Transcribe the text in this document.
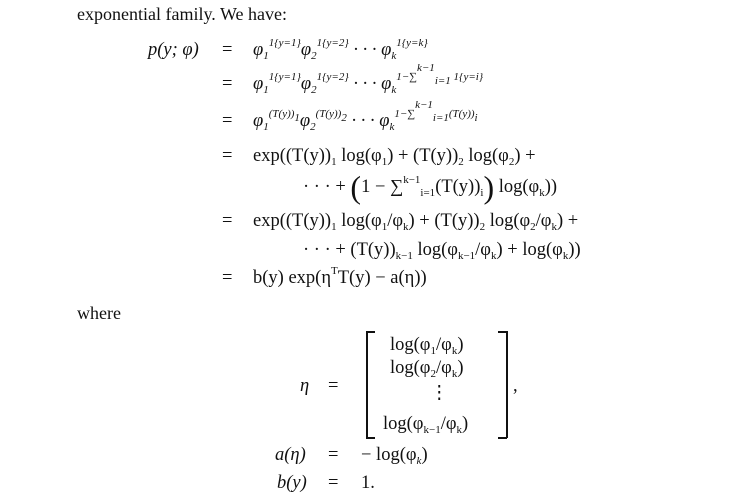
exponential family. We have:
p(y; $\varphi) = \varphi_1^{1\{y=1\}}\varphi_2^{1\{y=2\}}$ · · · $\varphi_k^{1\{y=k\}}$
= $\varphi_1^{1\{y=1\}}\varphi_2^{1\{y=2\}}$ · · · $\varphi_k^{1-\sum^{k-1}_{i=1} 1\{y=i\}}$
= $\varphi_1^{(T(y))_1}\varphi_2^{(T(y))_2}$ · · · $\varphi_k^{1-\sum^{k-1}_{i=1}(T(y))_i}$
= $\exp((T(y))_1$ $\log(\varphi_1) + (T(y))_2$ $\log(\varphi_2)$ +
· · · + $(1 - \sum^{k-1}_{i=1}(T(y))_i)$ $\log(\varphi_k)$)
= $\exp((T(y))_1$ $\log(\varphi_1/\varphi_k) + (T(y))_2$ $\log(\varphi_2/\varphi_k)$ +
· · · + $(T(y))_{k-1}$ $\log(\varphi_{k-1}/\varphi_k) + \log(\varphi_k)$)
= b(y) $\exp(\eta^TT(y) - a(\eta))$
where
η =
$\log(\varphi_1/\varphi_k)$
$\log(\varphi_2/\varphi_k)$
⋮
$\log(\varphi_{k-1}/\varphi_k)$
,
a(η) = − $\log(\varphi_k)$
b(y) = 1.
